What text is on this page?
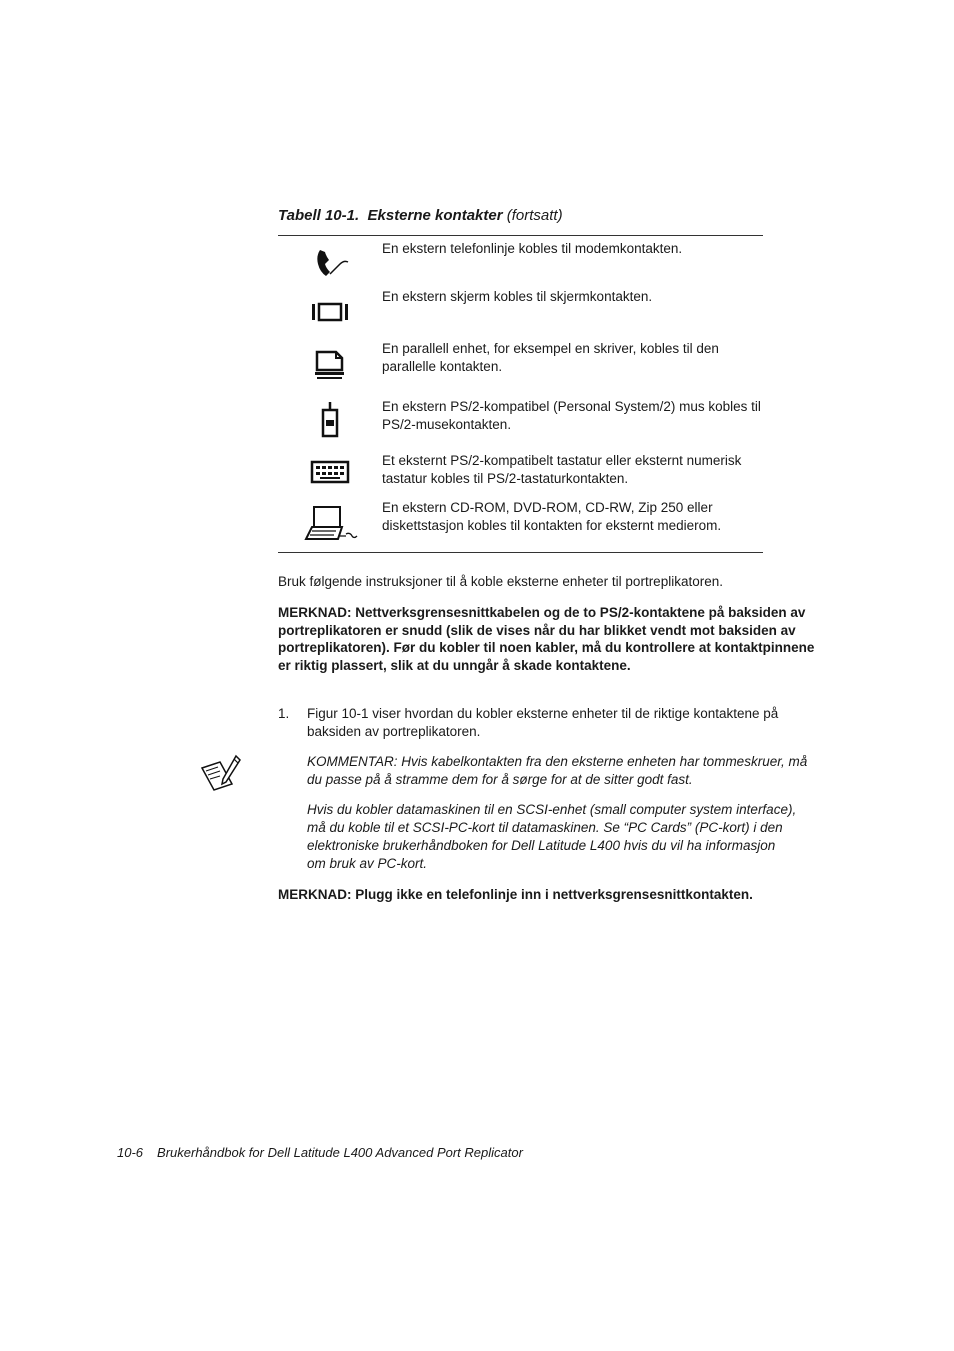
Tabell 10-1. Eksterne kontakter (fortsatt)
En ekstern telefonlinje kobles til modemkontakten.
En ekstern skjerm kobles til skjermkontakten.
En parallell enhet, for eksempel en skriver, kobles til den parallelle kontakten.
En ekstern PS/2-kompatibel (Personal System/2) mus kobles til PS/2-musekontakten.
Et eksternt PS/2-kompatibelt tastatur eller eksternt numerisk tastatur kobles til PS/2-tastaturkontakten.
En ekstern CD-ROM, DVD-ROM, CD-RW, Zip 250 eller diskettstasjon kobles til kontakten for eksternt medierom.
Bruk følgende instruksjoner til å koble eksterne enheter til portreplikatoren.
MERKNAD: Nettverksgrensesnittkabelen og de to PS/2-kontaktene på baksiden av portreplikatoren er snudd (slik de vises når du har blikket vendt mot baksiden av portreplikatoren). Før du kobler til noen kabler, må du kontrollere at kontaktpinnene er riktig plassert, slik at du unngår å skade kontaktene.
1. Figur 10-1 viser hvordan du kobler eksterne enheter til de riktige kontaktene på baksiden av portreplikatoren.
KOMMENTAR: Hvis kabelkontakten fra den eksterne enheten har tommeskruer, må du passe på å stramme dem for å sørge for at de sitter godt fast.
Hvis du kobler datamaskinen til en SCSI-enhet (small computer system interface), må du koble til et SCSI-PC-kort til datamaskinen. Se “PC Cards” (PC-kort) i den elektroniske brukerhåndboken for Dell Latitude L400 hvis du vil ha informasjon om bruk av PC-kort.
MERKNAD: Plugg ikke en telefonlinje inn i nettverksgrensesnittkontakten.
10-6 Brukerhåndbok for Dell Latitude L400 Advanced Port Replicator
